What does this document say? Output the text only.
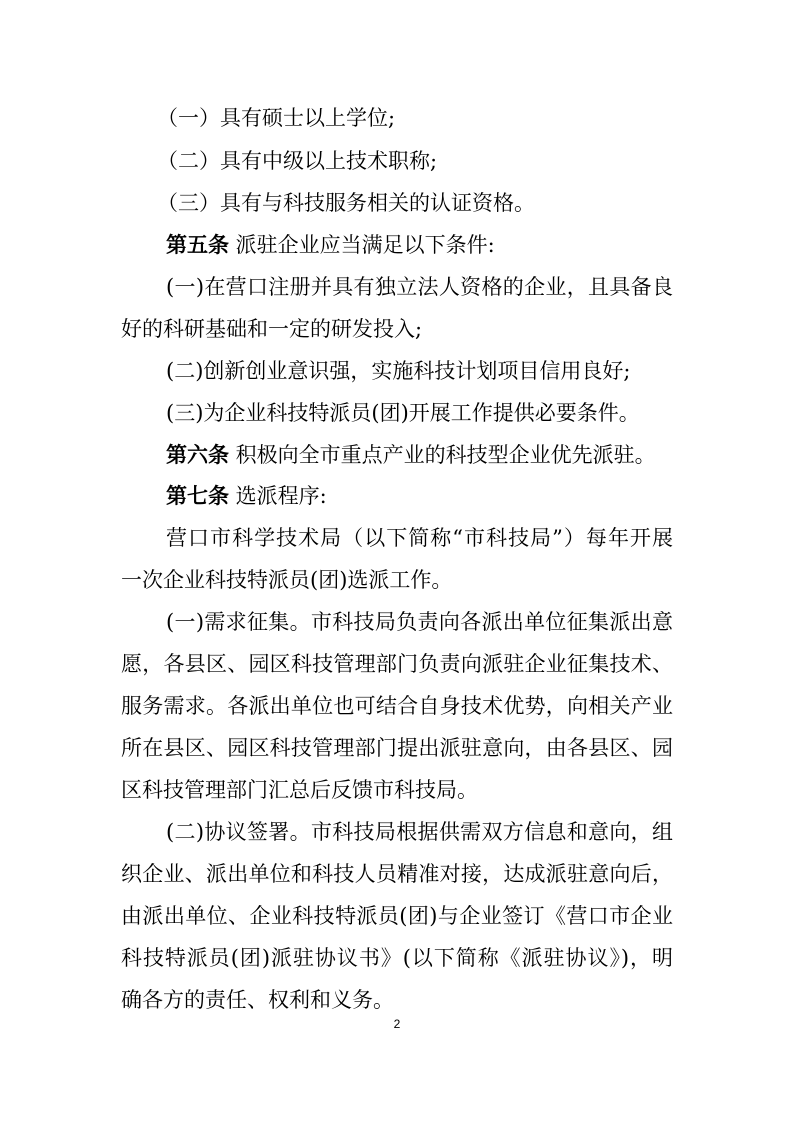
（一）具有硕士以上学位;
（二）具有中级以上技术职称;
（三）具有与科技服务相关的认证资格。
第五条 派驻企业应当满足以下条件:
(一)在营口注册并具有独立法人资格的企业，且具备良
好的科研基础和一定的研发投入;
(二)创新创业意识强，实施科技计划项目信用良好;
(三)为企业科技特派员(团)开展工作提供必要条件。
第六条 积极向全市重点产业的科技型企业优先派驻。
第七条 选派程序:
营口市科学技术局（以下简称“市科技局”）每年开展
一次企业科技特派员(团)选派工作。
(一)需求征集。市科技局负责向各派出单位征集派出意
愿，各县区、园区科技管理部门负责向派驻企业征集技术、
服务需求。各派出单位也可结合自身技术优势，向相关产业
所在县区、园区科技管理部门提出派驻意向，由各县区、园
区科技管理部门汇总后反馈市科技局。
(二)协议签署。市科技局根据供需双方信息和意向，组
织企业、派出单位和科技人员精准对接，达成派驻意向后，
由派出单位、企业科技特派员(团)与企业签订《营口市企业
科技特派员(团)派驻协议书》(以下简称《派驻协议》)，明
确各方的责任、权利和义务。
2
